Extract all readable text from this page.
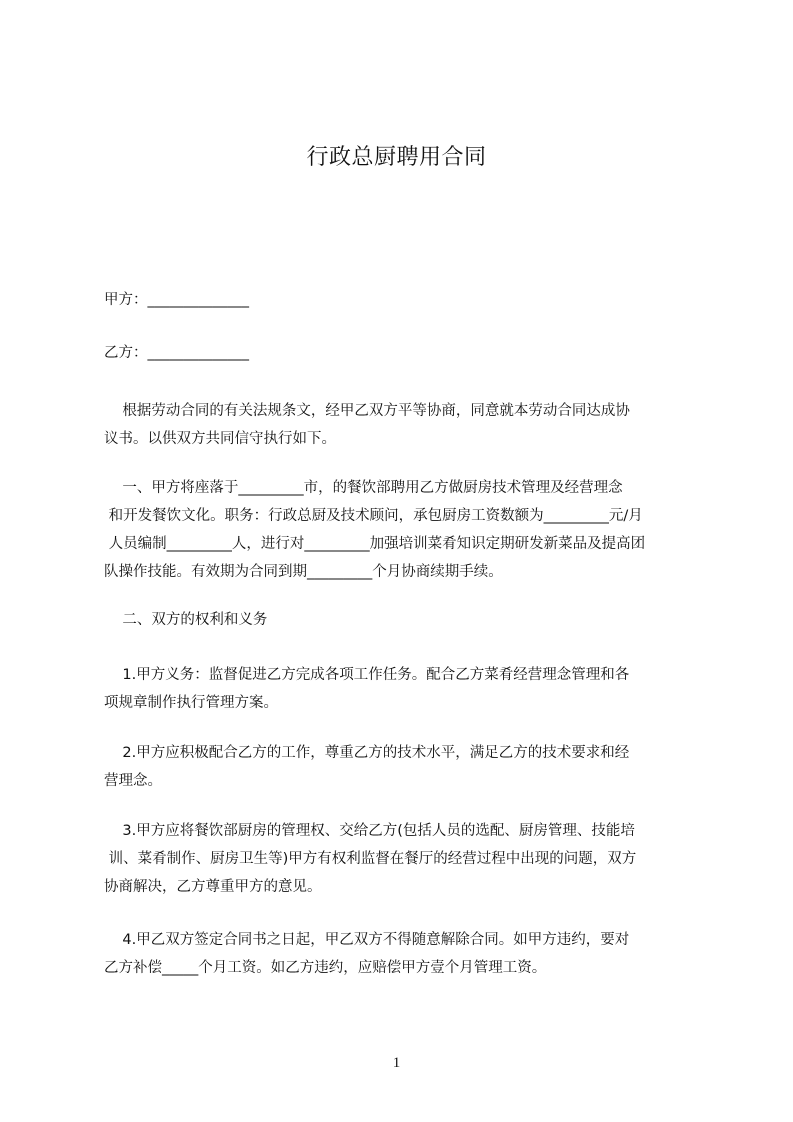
行政总厨聘用合同
甲方：______________
乙方：______________
根据劳动合同的有关法规条文，经甲乙双方平等协商，同意就本劳动合同达成协
议书。以供双方共同信守执行如下。
一、甲方将座落于_________市，的餐饮部聘用乙方做厨房技术管理及经营理念
和开发餐饮文化。职务：行政总厨及技术顾问，承包厨房工资数额为_________元/月
人员编制_________人，进行对_________加强培训菜肴知识定期研发新菜品及提高团
队操作技能。有效期为合同到期_________个月协商续期手续。
二、双方的权利和义务
1.甲方义务：监督促进乙方完成各项工作任务。配合乙方菜肴经营理念管理和各
项规章制作执行管理方案。
2.甲方应积极配合乙方的工作，尊重乙方的技术水平，满足乙方的技术要求和经
营理念。
3.甲方应将餐饮部厨房的管理权、交给乙方(包括人员的选配、厨房管理、技能培
训、菜肴制作、厨房卫生等)甲方有权利监督在餐厅的经营过程中出现的问题，双方
协商解决，乙方尊重甲方的意见。
4.甲乙双方签定合同书之日起，甲乙双方不得随意解除合同。如甲方违约，要对
乙方补偿_____个月工资。如乙方违约，应赔偿甲方壹个月管理工资。
1
